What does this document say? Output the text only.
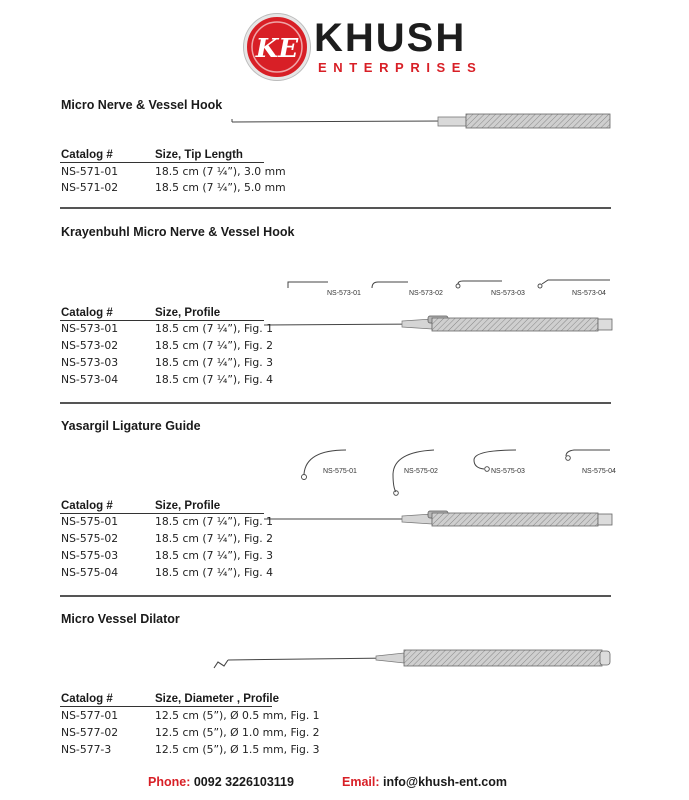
KE KHUSH
ENTERPRISES
Micro Nerve & Vessel Hook
Catalog #	Size, Tip Length
NS-571-01	18.5 cm (7 ¼”), 3.0 mm
NS-571-02	18.5 cm (7 ¼”), 5.0 mm
Krayenbuhl Micro Nerve & Vessel Hook
NS-573-01	NS-573-02	NS-573-03	NS-573-04
Catalog #	Size, Profile
NS-573-01	18.5 cm (7 ¼”), Fig. 1
NS-573-02	18.5 cm (7 ¼”), Fig. 2
NS-573-03	18.5 cm (7 ¼”), Fig. 3
NS-573-04	18.5 cm (7 ¼”), Fig. 4
Yasargil Ligature Guide
NS-575-01	NS-575-02	NS-575-03	NS-575-04
Catalog #	Size, Profile
NS-575-01	18.5 cm (7 ¼”), Fig. 1
NS-575-02	18.5 cm (7 ¼”), Fig. 2
NS-575-03	18.5 cm (7 ¼”), Fig. 3
NS-575-04	18.5 cm (7 ¼”), Fig. 4
Micro Vessel Dilator
Catalog #	Size, Diameter , Profile
NS-577-01	12.5 cm (5”), Ø 0.5 mm, Fig. 1
NS-577-02	12.5 cm (5”), Ø 1.0 mm, Fig. 2
NS-577-3	12.5 cm (5”), Ø 1.5 mm, Fig. 3
Phone: 0092 3226103119	Email: info@khush-ent.com
